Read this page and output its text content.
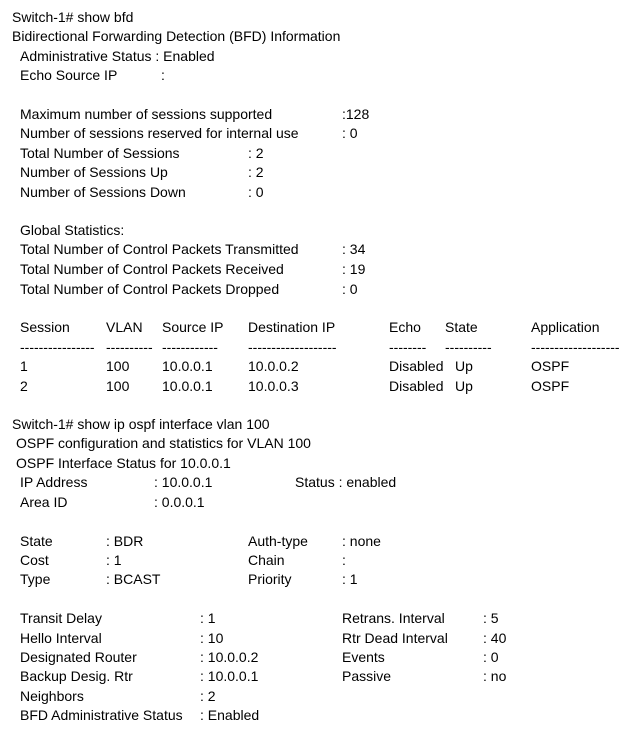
Switch-1# show bfd
Bidirectional Forwarding Detection (BFD) Information
Administrative Status : Enabled
Echo Source IP	:
Maximum number of sessions supported	:128
Number of sessions reserved for internal use	: 0
Total Number of Sessions	: 2
Number of Sessions Up	: 2
Number of Sessions Down	: 0
Global Statistics:
Total Number of Control Packets Transmitted	: 34
Total Number of Control Packets Received	: 19
Total Number of Control Packets Dropped	: 0
Session	VLAN Source IP Destination IP	Echo State	Application
---------------- ---------- ------------ -------------------	-------- ----------	-------------------
1	100 10.0.0.1	10.0.0.2	Disabled Up	OSPF
2	100 10.0.0.1	10.0.0.3	Disabled Up	OSPF
Switch-1# show ip ospf interface vlan 100
OSPF configuration and statistics for VLAN 100
OSPF Interface Status for 10.0.0.1
IP Address	: 10.0.0.1	Status : enabled
Area ID	: 0.0.0.1
State	: BDR	Auth-type : none
Cost	: 1	Chain	:
Type	: BCAST	Priority	: 1
Transit Delay	: 1	Retrans. Interval	: 5
Hello Interval	: 10	Rtr Dead Interval	: 40
Designated Router	: 10.0.0.2	Events	: 0
Backup Desig. Rtr	: 10.0.0.1	Passive	: no
Neighbors	: 2
BFD Administrative Status : Enabled
